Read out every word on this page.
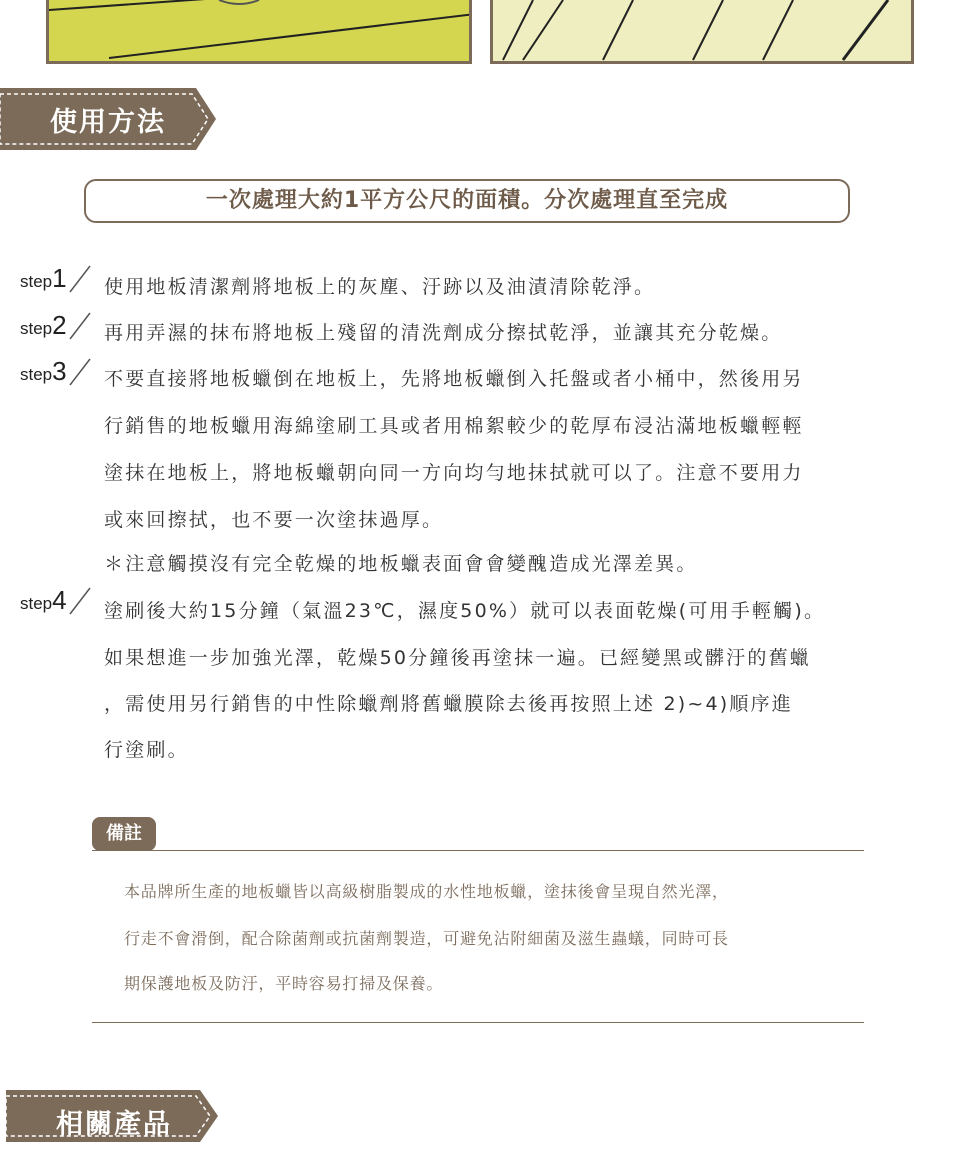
使用方法
一次處理大約1平方公尺的面積。分次處理直至完成
step1
step2
step3
step4
使用地板清潔劑將地板上的灰塵、汙跡以及油漬清除乾淨。
再用弄濕的抹布將地板上殘留的清洗劑成分擦拭乾淨，並讓其充分乾燥。
不要直接將地板蠟倒在地板上，先將地板蠟倒入托盤或者小桶中，然後用另
行銷售的地板蠟用海綿塗刷工具或者用棉絮較少的乾厚布浸沾滿地板蠟輕輕
塗抹在地板上，將地板蠟朝向同一方向均勻地抹拭就可以了。注意不要用力
或來回擦拭，也不要一次塗抹過厚。
＊注意觸摸沒有完全乾燥的地板蠟表面會會變醜造成光澤差異。
塗刷後大約15分鐘（氣溫23℃，濕度50%）就可以表面乾燥(可用手輕觸)。
如果想進一步加強光澤，乾燥50分鐘後再塗抹一遍。已經變黑或髒汙的舊蠟
，需使用另行銷售的中性除蠟劑將舊蠟膜除去後再按照上述 2)~4)順序進
行塗刷。
備註
本品牌所生產的地板蠟皆以高級樹脂製成的水性地板蠟，塗抹後會呈現自然光澤，
行走不會滑倒，配合除菌劑或抗菌劑製造，可避免沾附細菌及滋生蟲蟻，同時可長
期保護地板及防汙，平時容易打掃及保養。
相關產品
